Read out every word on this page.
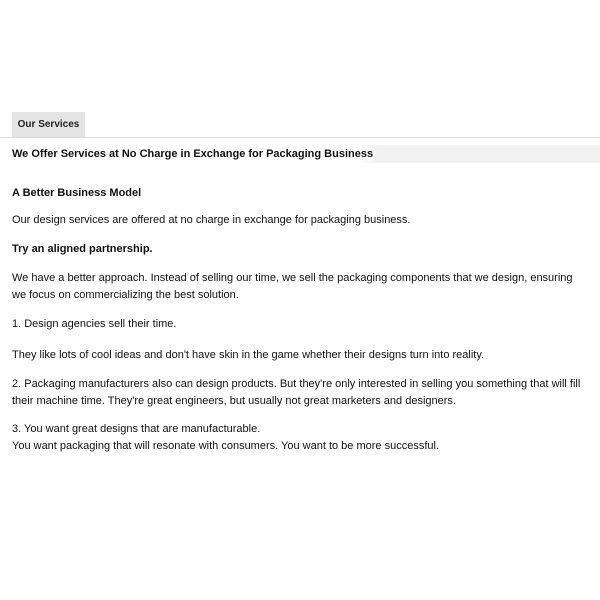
Our Services
We Offer Services at No Charge in Exchange for Packaging Business

A Better Business Model

Our design services are offered at no charge in exchange for packaging business.

Try an aligned partnership.

We have a better approach. Instead of selling our time, we sell the packaging components that we design, ensuring we focus on commercializing the best solution.

1. Design agencies sell their time.

They like lots of cool ideas and don't have skin in the game whether their designs turn into reality.

2. Packaging manufacturers also can design products. But they're only interested in selling you something that will fill their machine time. They're great engineers, but usually not great marketers and designers.

3. You want great designs that are manufacturable.

You want packaging that will resonate with consumers. You want to be more successful.
